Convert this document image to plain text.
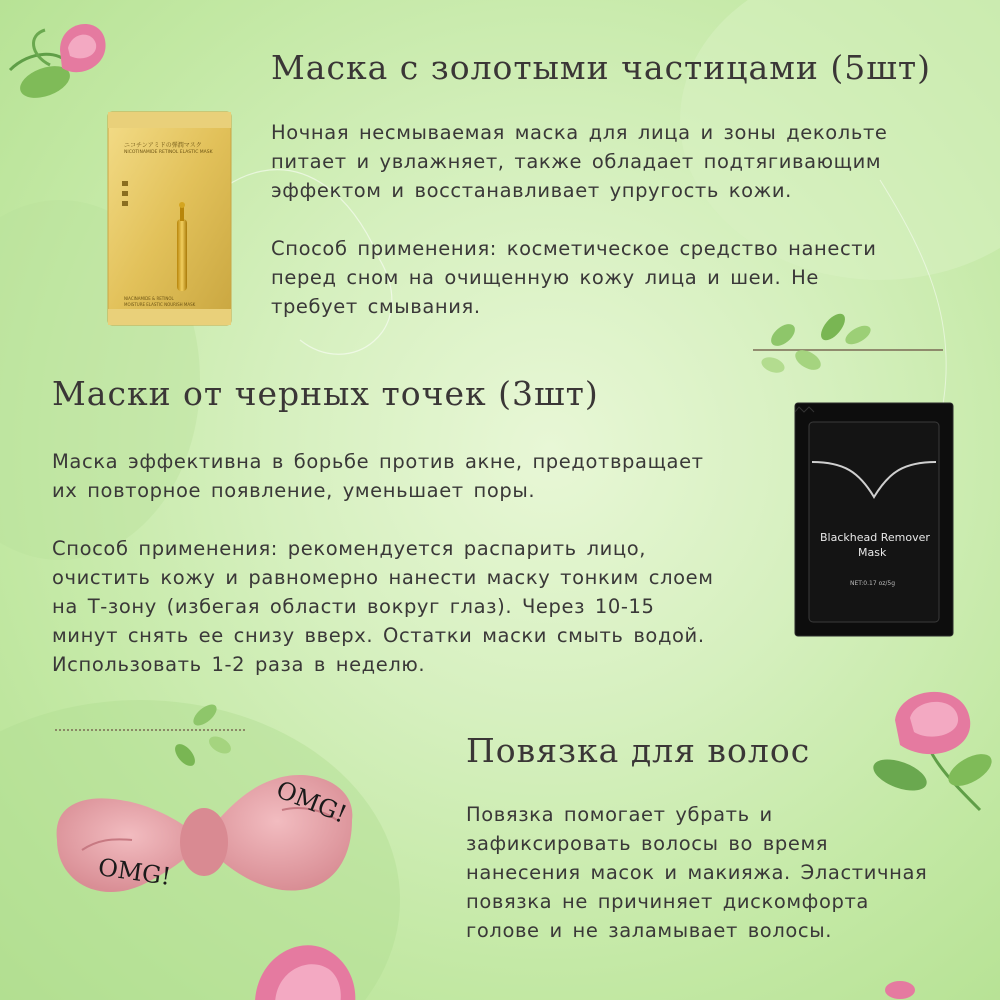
ニコチンアミドの弾潤マスク
NICOTINAMIDE RETINOL ELASTIC MASK
NIACINAMIDE & RETINOL
MOISTURE ELASTIC NOURISH MASK
Blackhead Remover
Mask
NET:0.17 oz/5g
OMG!
OMG!
Маска с золотыми частицами (5шт)
Ночная несмываемая маска для лица и зоны декольте
питает и увлажняет, также обладает подтягивающим
эффектом и восстанавливает упругость кожи.
Способ применения: косметическое средство нанести
перед сном на очищенную кожу лица и шеи. Не
требует смывания.
Маски от черных точек (3шт)
Маска эффективна в борьбе против акне, предотвращает
их повторное появление, уменьшает поры.
Способ применения: рекомендуется распарить лицо,
очистить кожу и равномерно нанести маску тонким слоем
на Т-зону (избегая области вокруг глаз). Через 10-15
минут снять ее снизу вверх. Остатки маски смыть водой.
Использовать 1-2 раза в неделю.
Повязка для волос
Повязка помогает убрать и
зафиксировать волосы во время
нанесения масок и макияжа. Эластичная
повязка не причиняет дискомфорта
голове и не заламывает волосы.
